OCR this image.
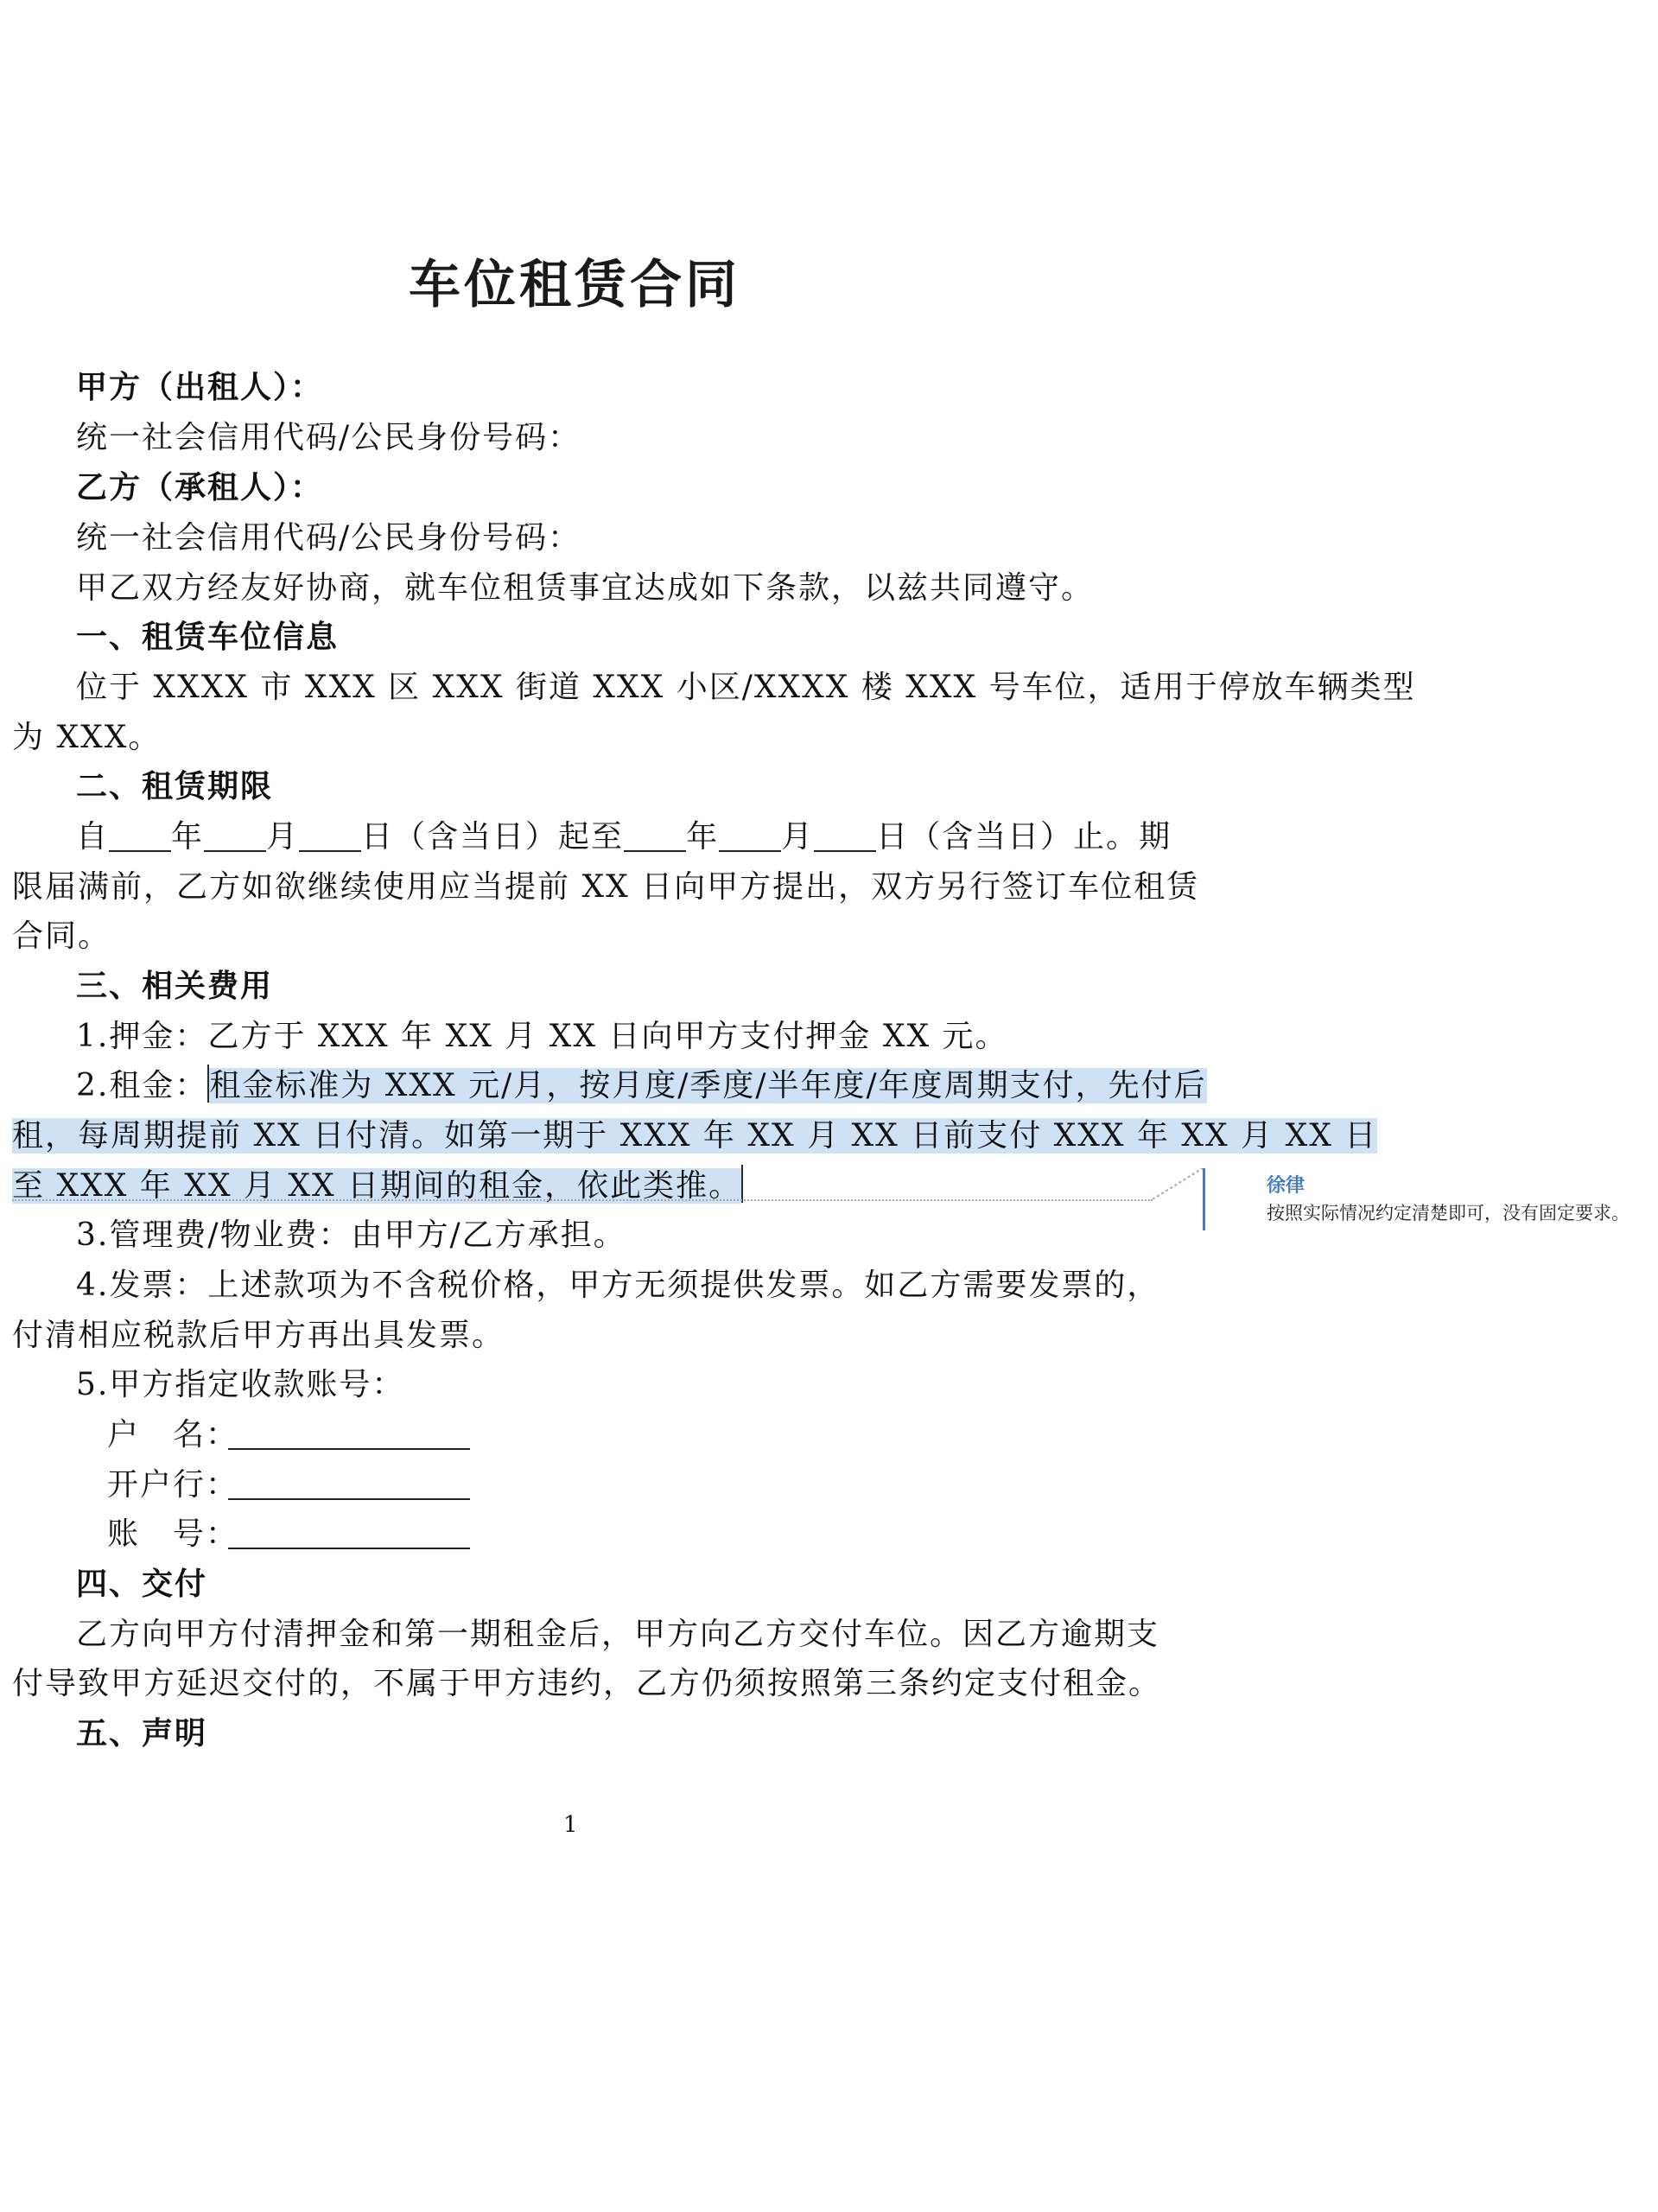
车位租赁合同
甲方（出租人）：
统一社会信用代码/公民身份号码：
乙方（承租人）：
统一社会信用代码/公民身份号码：
甲乙双方经友好协商，就车位租赁事宜达成如下条款，以兹共同遵守。
一、租赁车位信息
位于 XXXX 市 XXX 区 XXX 街道 XXX 小区/XXXX 楼 XXX 号车位，适用于停放车辆类型
为 XXX。
二、租赁期限
自 年 月 日（含当日）起至 年 月 日（含当日）止。期
限届满前，乙方如欲继续使用应当提前 XX 日向甲方提出，双方另行签订车位租赁
合同。
三、相关费用
1.押金：乙方于 XXX 年 XX 月 XX 日向甲方支付押金 XX 元。
2.租金：租金标准为 XXX 元/月，按月度/季度/半年度/年度周期支付，先付后
租，每周期提前 XX 日付清。如第一期于 XXX 年 XX 月 XX 日前支付 XXX 年 XX 月 XX 日
至 XXX 年 XX 月 XX 日期间的租金，依此类推。
3.管理费/物业费：由甲方/乙方承担。
4.发票：上述款项为不含税价格，甲方无须提供发票。如乙方需要发票的，
付清相应税款后甲方再出具发票。
5.甲方指定收款账号：
户　名：
开户行：
账　号：
四、交付
乙方向甲方付清押金和第一期租金后，甲方向乙方交付车位。因乙方逾期支
付导致甲方延迟交付的，不属于甲方违约，乙方仍须按照第三条约定支付租金。
五、声明
1
徐律
按照实际情况约定清楚即可，没有固定要求。
